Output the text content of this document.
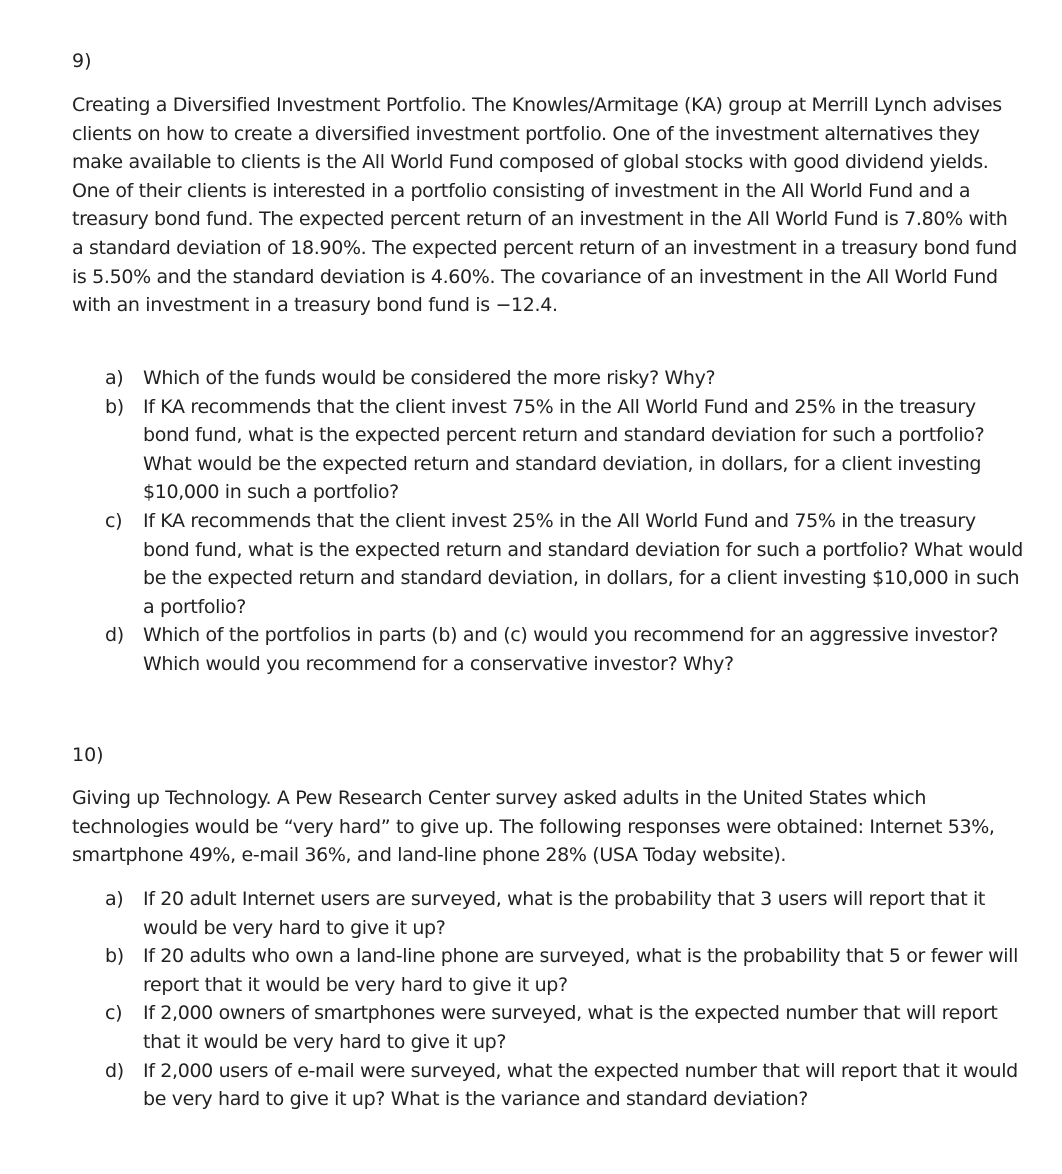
9)

Creating a Diversified Investment Portfolio. The Knowles/Armitage (KA) group at Merrill Lynch advises clients on how to create a diversified investment portfolio. One of the investment alternatives they make available to clients is the All World Fund composed of global stocks with good dividend yields. One of their clients is interested in a portfolio consisting of investment in the All World Fund and a treasury bond fund. The expected percent return of an investment in the All World Fund is 7.80% with a standard deviation of 18.90%. The expected percent return of an investment in a treasury bond fund is 5.50% and the standard deviation is 4.60%. The covariance of an investment in the All World Fund with an investment in a treasury bond fund is −12.4.

a)	Which of the funds would be considered the more risky? Why?
b)	If KA recommends that the client invest 75% in the All World Fund and 25% in the treasury bond fund, what is the expected percent return and standard deviation for such a portfolio? What would be the expected return and standard deviation, in dollars, for a client investing $10,000 in such a portfolio?
c)	If KA recommends that the client invest 25% in the All World Fund and 75% in the treasury bond fund, what is the expected return and standard deviation for such a portfolio? What would be the expected return and standard deviation, in dollars, for a client investing $10,000 in such a portfolio?
d)	Which of the portfolios in parts (b) and (c) would you recommend for an aggressive investor? Which would you recommend for a conservative investor? Why?

10)

Giving up Technology. A Pew Research Center survey asked adults in the United States which technologies would be “very hard” to give up. The following responses were obtained: Internet 53%, smartphone 49%, e-mail 36%, and land-line phone 28% (USA Today website).

a)	If 20 adult Internet users are surveyed, what is the probability that 3 users will report that it would be very hard to give it up?
b)	If 20 adults who own a land-line phone are surveyed, what is the probability that 5 or fewer will report that it would be very hard to give it up?
c)	If 2,000 owners of smartphones were surveyed, what is the expected number that will report that it would be very hard to give it up?
d)	If 2,000 users of e-mail were surveyed, what the expected number that will report that it would be very hard to give it up? What is the variance and standard deviation?
